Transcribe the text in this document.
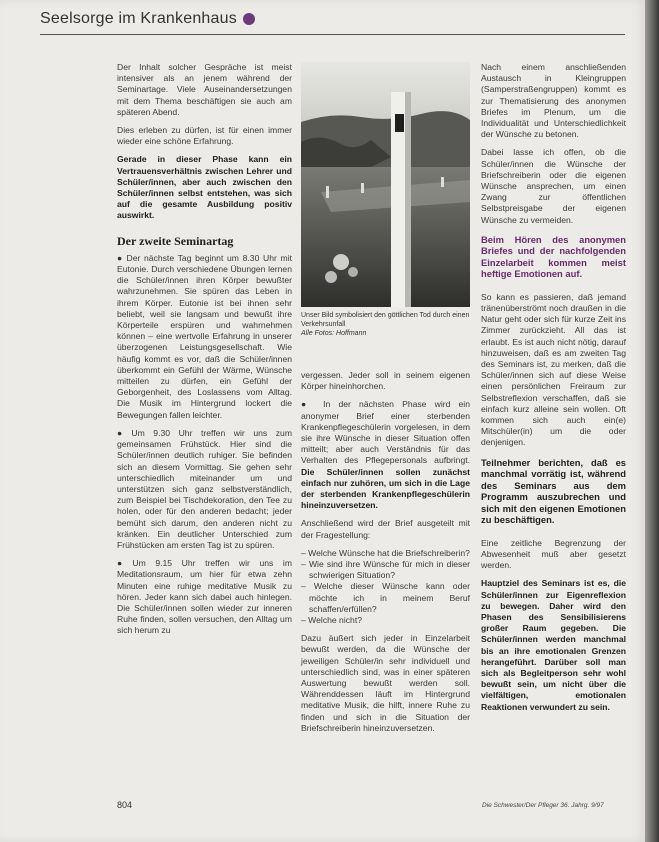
Seelsorge im Krankenhaus

Der Inhalt solcher Gespräche ist meist intensiver als an jenem während der Seminartage. Viele Auseinandersetzungen mit dem Thema beschäftigen sie auch am späteren Abend.

Dies erleben zu dürfen, ist für einen immer wieder eine schöne Erfahrung.

Gerade in dieser Phase kann ein Vertrauensverhältnis zwischen Lehrer und Schüler/innen, aber auch zwischen den Schüler/innen selbst entstehen, was sich auf die gesamte Ausbildung positiv auswirkt.

Der zweite Seminartag

● Der nächste Tag beginnt um 8.30 Uhr mit Eutonie. Durch verschiedene Übungen lernen die Schüler/innen ihren Körper bewußter wahrzunehmen. Sie spüren das Leben in ihrem Körper. Eutonie ist bei ihnen sehr beliebt, weil sie langsam und bewußt ihre Körperteile erspüren und wahrnehmen können – eine wertvolle Erfahrung in unserer überzogenen Leistungsgesellschaft. Wie häufig kommt es vor, daß die Schüler/innen überkommt ein Gefühl der Wärme, Wünsche mitteilen zu dürfen, ein Gefühl der Geborgenheit, des Loslassens vom Alltag. Die Musik im Hintergrund lockert die Bewegungen fallen leichter.

● Um 9.30 Uhr treffen wir uns zum gemeinsamen Frühstück. Hier sind die Schüler/innen deutlich ruhiger. Sie befinden sich an diesem Vormittag. Sie gehen sehr unterschiedlich miteinander um und unterstützen sich ganz selbstverständlich, zum Beispiel bei Tischdekoration, den Tee zu holen, oder für den anderen bedacht; jeder bemüht sich darum, den anderen nicht zu kränken. Ein deutlicher Unterschied zum Frühstücken am ersten Tag ist zu spüren.

● Um 9.15 Uhr treffen wir uns im Meditationsraum, um hier für etwa zehn Minuten eine ruhige meditative Musik zu hören. Jeder kann sich dabei auch hinlegen. Die Schüler/innen sollen wieder zur inneren Ruhe finden, sollen versuchen, den Alltag um sich herum zu

Unser Bild symbolisiert den göttlichen Tod durch einen Verkehrsunfall
Alle Fotos: Hoffmann

vergessen. Jeder soll in seinem eigenen Körper hineinhorchen.

● In der nächsten Phase wird ein anonymer Brief einer sterbenden Krankenpflegeschülerin vorgelesen, in dem sie ihre Wünsche in dieser Situation offen mitteilt; aber auch Verständnis für das Verhalten des Pflegepersonals aufbringt. Die Schüler/innen sollen zunächst einfach nur zuhören, um sich in die Lage der sterbenden Krankenpflegeschülerin hineinzuversetzen.

Anschließend wird der Brief ausgeteilt mit der Fragestellung:

– Welche Wünsche hat die Briefschreiberin?
– Wie sind ihre Wünsche für mich in dieser schwierigen Situation?
– Welche dieser Wünsche kann oder möchte ich in meinem Beruf schaffen/erfüllen?
– Welche nicht?

Dazu äußert sich jeder in Einzelarbeit bewußt werden, da die Wünsche der jeweiligen Schüler/in sehr individuell und unterschiedlich sind, was in einer späteren Auswertung bewußt werden soll. Währenddessen läuft im Hintergrund meditative Musik, die hilft, innere Ruhe zu finden und sich in die Situation der Briefschreiberin hineinzuversetzen.

Nach einem anschließenden Austausch in Kleingruppen (Samperstraßengruppen) kommt es zur Thematisierung des anonymen Briefes im Plenum, um die Individualität und Unterschiedlichkeit der Wünsche zu betonen.

Dabei lasse ich offen, ob die Schüler/innen die Wünsche der Briefschreiberin oder die eigenen Wünsche ansprechen, um einen Zwang zur öffentlichen Selbstpreisgabe der eigenen Wünsche zu vermeiden.

Beim Hören des anonymen Briefes und der nachfolgenden Einzelarbeit kommen meist heftige Emotionen auf.

So kann es passieren, daß jemand tränenüberströmt noch draußen in die Natur geht oder sich für kurze Zeit ins Zimmer zurückzieht. All das ist erlaubt. Es ist auch nicht nötig, darauf hinzuweisen, daß es am zweiten Tag des Seminars ist, zu merken, daß die Schüler/innen sich auf diese Weise einen persönlichen Freiraum zur Selbstreflexion verschaffen, daß sie einfach kurz alleine sein wollen. Oft kommen sich auch ein(e) Mitschüler(in) um die oder denjenigen.

Teilnehmer berichten, daß es manchmal vorrätig ist, während des Seminars aus dem Programm auszubrechen und sich mit den eigenen Emotionen zu beschäftigen.

Eine zeitliche Begrenzung der Abwesenheit muß aber gesetzt werden.

Hauptziel des Seminars ist es, die Schüler/innen zur Eigenreflexion zu bewegen. Daher wird den Phasen des Sensibilisierens großer Raum gegeben. Die Schüler/innen werden manchmal bis an ihre emotionalen Grenzen herangeführt. Darüber soll man sich als Begleitperson sehr wohl bewußt sein, um nicht über die vielfältigen, emotionalen Reaktionen verwundert zu sein.

804	Die Schwester/Der Pfleger 36. Jahrg. 9/97
